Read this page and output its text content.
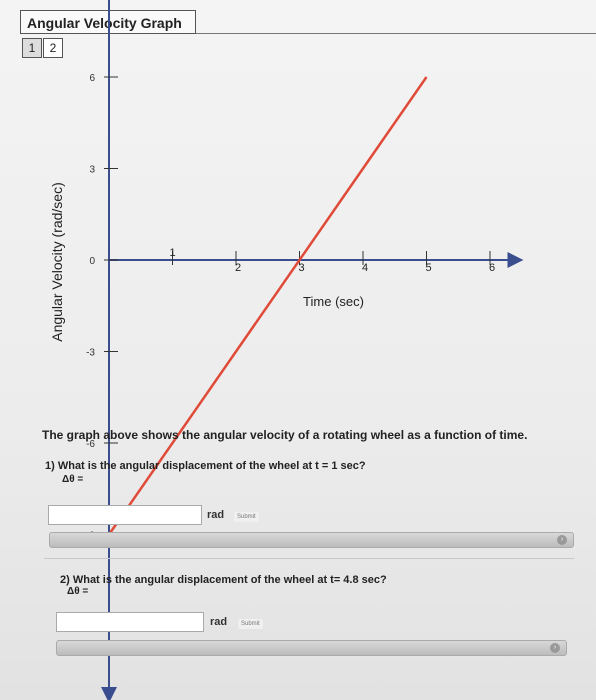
Angular Velocity Graph
1	2
6
3
0
-3
-6
1
2	3	4	5	6
Time (sec)
Angular Velocity (rad/sec)
The graph above shows the angular velocity of a rotating wheel as a function of time.
1) What is the angular displacement of the wheel at t = 1 sec?
Δθ =
rad	Submit
›
2) What is the angular displacement of the wheel at t= 4.8 sec?
Δθ =
rad	Submit
›
